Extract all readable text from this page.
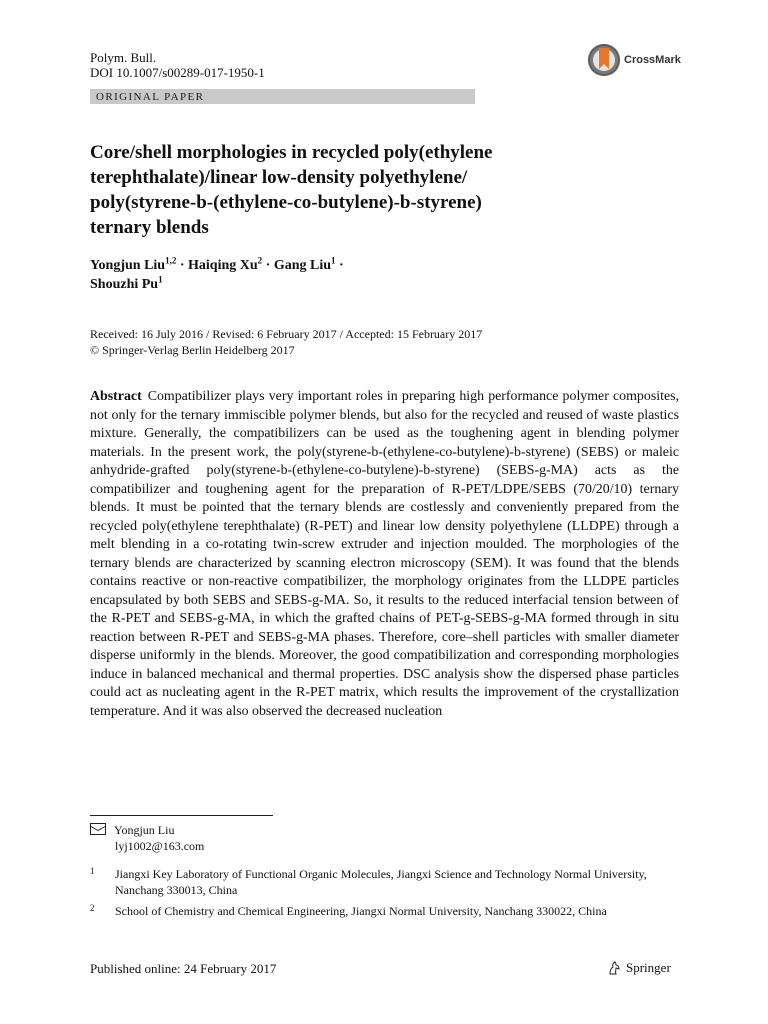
Polym. Bull.
DOI 10.1007/s00289-017-1950-1
CrossMark
ORIGINAL PAPER
Core/shell morphologies in recycled poly(ethylene
terephthalate)/linear low-density polyethylene/
poly(styrene-b-(ethylene-co-butylene)-b-styrene)
ternary blends
Yongjun Liu$^{1,2}$ · Haiqing $Xu^2$ · Gang Liu$^1$ ·
Shouzhi Pu$^1$
Received: 16 July 2016 / Revised: 6 February 2017 / Accepted: 15 February 2017
© Springer-Verlag Berlin Heidelberg 2017

Abstract Compatibilizer plays very important roles in preparing high performance polymer composites, not only for the ternary immiscible polymer blends, but also for the recycled and reused of waste plastics mixture. Generally, the compatibilizers can be used as the toughening agent in blending polymer materials. In the present work, the poly(styrene-b-(ethylene-co-butylene)-b-styrene) (SEBS) or maleic anhydride-grafted poly(styrene-b-(ethylene-co-butylene)-b-styrene) (SEBS-g-MA) acts as the compatibilizer and toughening agent for the preparation of R-PET/LDPE/SEBS (70/20/10) ternary blends. It must be pointed that the ternary blends are costlessly and conveniently prepared from the recycled poly(ethylene terephthalate) (R-PET) and linear low density polyethylene (LLDPE) through a melt blending in a co-rotating twin-screw extruder and injection moulded. The morphologies of the ternary blends are characterized by scanning electron microscopy (SEM). It was found that the blends contains reactive or non-reactive compatibilizer, the morphology originates from the LLDPE particles encapsulated by both SEBS and SEBS-g-MA. So, it results to the reduced interfacial tension between of the R-PET and SEBS-g-MA, in which the grafted chains of PET-g-SEBS-g-MA formed through in situ reaction between R-PET and SEBS-g-MA phases. Therefore, core–shell particles with smaller diameter disperse uniformly in the blends. Moreover, the good compatibilization and corresponding morphologies induce in balanced mechanical and thermal properties. DSC analysis show the dispersed phase particles could act as nucleating agent in the R-PET matrix, which results the improvement of the crystallization temperature. And it was also observed the decreased nucleation

Yongjun Liu
lyj1002@163.com
1 Jiangxi Key Laboratory of Functional Organic Molecules, Jiangxi Science and Technology Normal University, Nanchang 330013, China
2 School of Chemistry and Chemical Engineering, Jiangxi Normal University, Nanchang 330022, China
Published online: 24 February 2017	Springer
